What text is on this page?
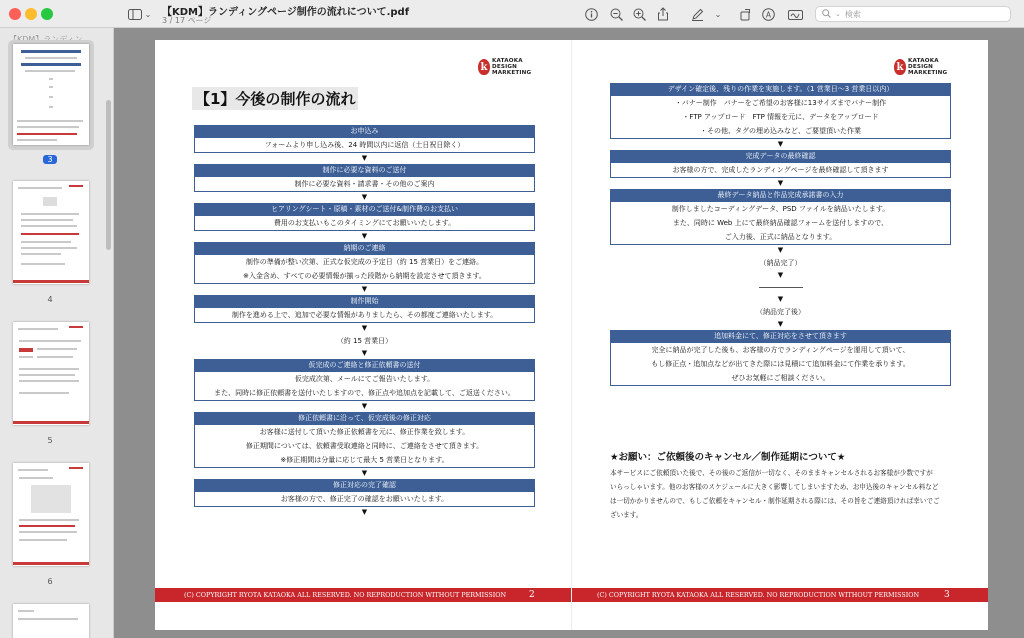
⌄ 【KDM】ランディングページ制作の流れについて.pdf
3 / 17 ページ
⌄	A	⌄ 検索
3
4
5
6
k
KATAOKA
DESIGN
MARKETING
【1】今後の制作の流れ
お申込み
フォームより申し込み後、24 時間以内に返信（土日祝日除く）
▼
制作に必要な資料のご送付
制作に必要な資料・請求書・その他のご案内
▼
ヒアリングシート・原稿・素材のご送付&制作費のお支払い
費用のお支払いもこのタイミングにてお願いいたします。
▼
納期のご連絡
制作の準備が整い次第、正式な仮完成の予定日（約 15 営業日）をご連絡。
※入金含め、すべての必要情報が揃った段階から納期を設定させて頂きます。
▼
制作開始
制作を進める上で、追加で必要な情報がありましたら、その都度ご連絡いたします。
▼
（約 15 営業日）
▼
仮完成のご連絡と修正依頼書の送付
仮完成次第、メールにてご報告いたします。
また、同時に修正依頼書を送付いたしますので、修正点や追加点を記載して、ご返送ください。
▼
修正依頼書に沿って、仮完成後の修正対応
お客様に送付して頂いた修正依頼書を元に、修正作業を致します。
修正期間については、依頼書受取連絡と同時に、ご連絡をさせて頂きます。
※修正期間は分量に応じて最大 5 営業日となります。
▼
修正対応の完了確認
お客様の方で、修正完了の確認をお願いいたします。
▼
(C) COPYRIGHT RYOTA KATAOKA ALL RESERVED. NO REPRODUCTION WITHOUT PERMISSION	2
k
KATAOKA
DESIGN
MARKETING
デザイン確定後、残りの作業を実施します。（1 営業日～3 営業日以内）
・バナー制作　バナーをご希望のお客様に13サイズまでバナー制作
・FTP アップロード　FTP 情報を元に、データをアップロード
・その他、タグの埋め込みなど、ご要望頂いた作業
▼
完成データの最終確認
お客様の方で、完成したランディングページを最終確認して頂きます
▼
最終データ納品と作品完成承諾書の入力
制作しましたコーディングデータ、PSD ファイルを納品いたします。
また、同時に Web 上にて最終納品確認フォームを送付しますので、
ご入力後、正式に納品となります。
▼
（納品完了）
▼
▼
（納品完了後）
▼
追加料金にて、修正対応をさせて頂きます
完全に納品が完了した後も、お客様の方でランディングページを運用して頂いて、
もし修正点・追加点などが出てきた際には見積にて追加料金にて作業を承ります。
ぜひお気軽にご相談ください。
★お願い：ご依頼後のキャンセル／制作延期について★
本サービスにご依頼頂いた後で、その後のご返信が一切なく、そのままキャンセルされるお客様が少数ですが
いらっしゃいます。他のお客様のスケジュールに大きく影響してしまいますため、お申込後のキャンセル料など
は一切かかりませんので、もしご依頼をキャンセル・制作延期される際には、その旨をご連絡頂ければ幸いでご
ざいます。
(C) COPYRIGHT RYOTA KATAOKA ALL RESERVED. NO REPRODUCTION WITHOUT PERMISSION	3
